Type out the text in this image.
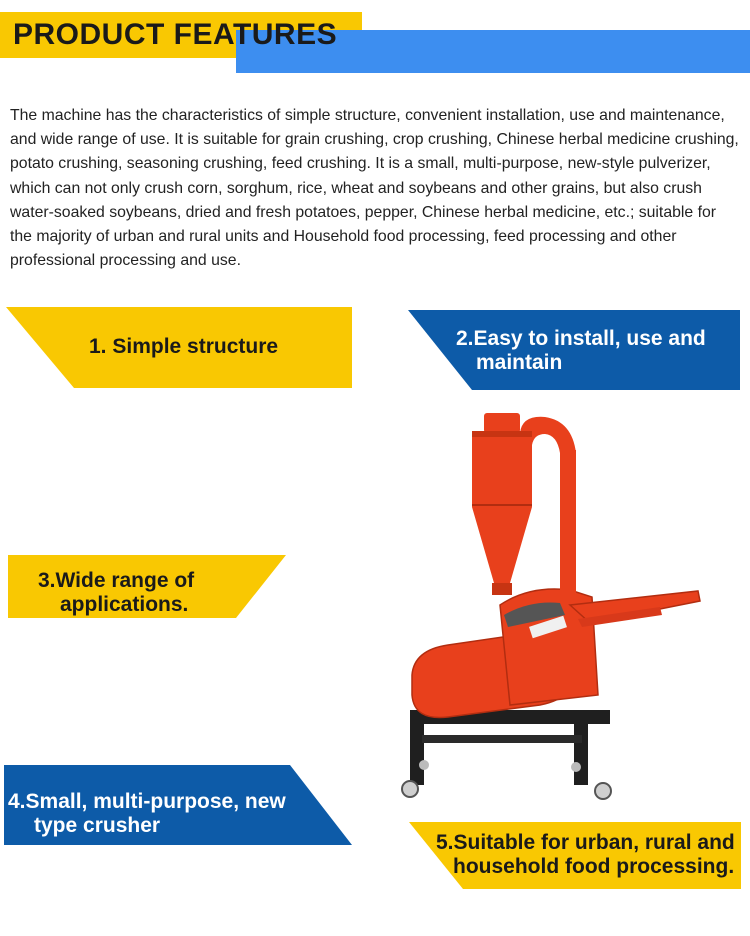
PRODUCT FEATURES

The machine has the characteristics of simple structure, convenient installation, use and maintenance, and wide range of use. It is suitable for grain crushing, crop crushing, Chinese herbal medicine crushing, potato crushing, seasoning crushing, feed crushing. It is a small, multi-purpose, new-style pulverizer, which can not only crush corn, sorghum, rice, wheat and soybeans and other grains, but also crush water-soaked soybeans, dried and fresh potatoes, pepper, Chinese herbal medicine, etc.; suitable for the majority of urban and rural units and Household food processing, feed processing and other professional processing and use.

1. Simple structure	2.Easy to install, use and
maintain
3.Wide range of
applications.
4.Small, multi-purpose, new
type crusher
5.Suitable for urban, rural and
household food processing.
